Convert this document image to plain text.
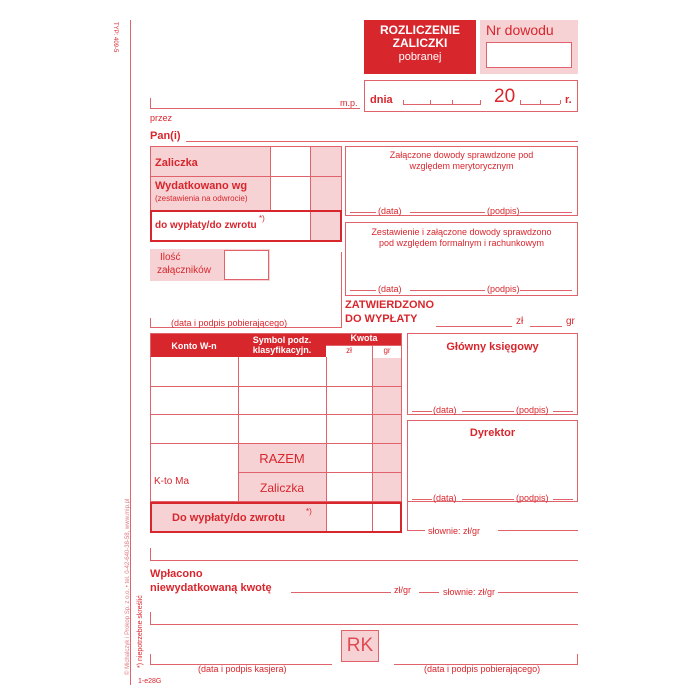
TYP: 409-5
© Michalczyk i Prokop Sp. z o.o. • tel. 0-42-640-38-58, www.mip.pl
ROZLICZENIE
ZALICZKI
pobranej
Nr dowodu
m.p. dnia	20	r.
przez
Pan(i)
Zaliczka
Wydatkowano wg
(zestawienia na odwrocie)
do wypłaty/do zwrotu
*)
Ilość
załączników
(data i podpis pobierającego)
Załączone dowody sprawdzone pod
względem merytorycznym
(data)	(podpis)
Zestawienie i załączone dowody sprawdzono
pod względem formalnym i rachunkowym
(data)	(podpis)
ZATWIERDZONO
DO WYPŁATY	zł	gr
Konto W-n
Symbol podz.
klasyfikacyjn.
Kwota
zł	gr
RAZEM
K-to Ma	Zaliczka
Do wypłaty/do zwrotu
*)
Główny księgowy
(data)	(podpis)
Dyrektor
(data)	(podpis)
słownie: zł/gr
Wpłacono
niewydatkowaną kwotę	zł/gr	słownie: zł/gr
*) niepotrzebne skreślić	RK
(data i podpis kasjera)	(data i podpis pobierającego)
1-e28G
